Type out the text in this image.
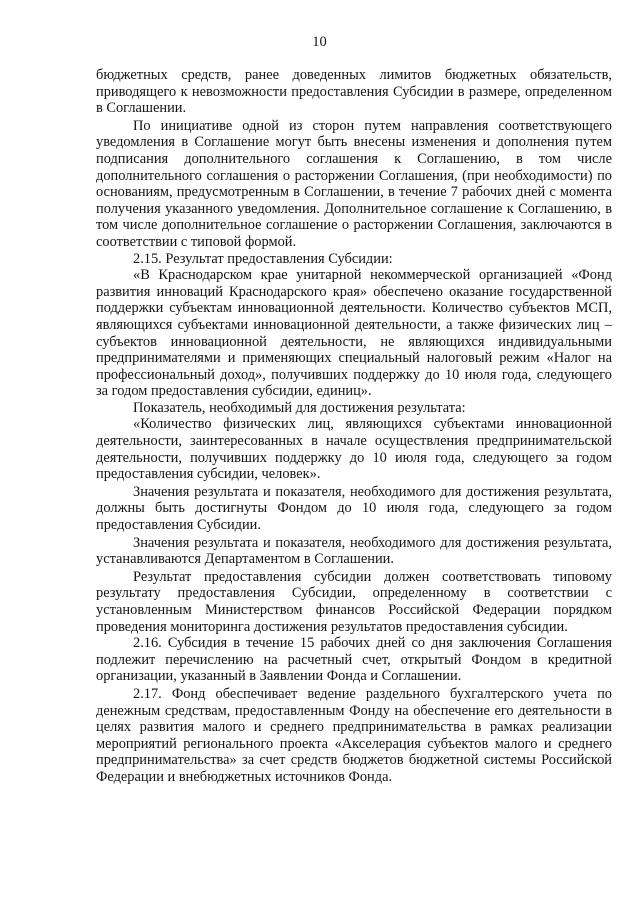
10

бюджетных средств, ранее доведенных лимитов бюджетных обязательств, приводящего к невозможности предоставления Субсидии в размере, определенном в Соглашении.

По инициативе одной из сторон путем направления соответствующего уведомления в Соглашение могут быть внесены изменения и дополнения путем подписания дополнительного соглашения к Соглашению, в том числе дополнительного соглашения о расторжении Соглашения, (при необходимости) по основаниям, предусмотренным в Соглашении, в течение 7 рабочих дней с момента получения указанного уведомления. Дополнительное соглашение к Соглашению, в том числе дополнительное соглашение о расторжении Соглашения, заключаются в соответствии с типовой формой.

2.15. Результат предоставления Субсидии:

«В Краснодарском крае унитарной некоммерческой организацией «Фонд развития инноваций Краснодарского края» обеспечено оказание государственной поддержки субъектам инновационной деятельности. Количество субъектов МСП, являющихся субъектами инновационной деятельности, а также физических лиц – субъектов инновационной деятельности, не являющихся индивидуальными предпринимателями и применяющих специальный налоговый режим «Налог на профессиональный доход», получивших поддержку до 10 июля года, следующего за годом предоставления субсидии, единиц».

Показатель, необходимый для достижения результата:

«Количество физических лиц, являющихся субъектами инновационной деятельности, заинтересованных в начале осуществления предпринимательской деятельности, получивших поддержку до 10 июля года, следующего за годом предоставления субсидии, человек».

Значения результата и показателя, необходимого для достижения результата, должны быть достигнуты Фондом до 10 июля года, следующего за годом предоставления Субсидии.

Значения результата и показателя, необходимого для достижения результата, устанавливаются Департаментом в Соглашении.

Результат предоставления субсидии должен соответствовать типовому результату предоставления Субсидии, определенному в соответствии с установленным Министерством финансов Российской Федерации порядком проведения мониторинга достижения результатов предоставления субсидии.

2.16. Субсидия в течение 15 рабочих дней со дня заключения Соглашения подлежит перечислению на расчетный счет, открытый Фондом в кредитной организации, указанный в Заявлении Фонда и Соглашении.

2.17. Фонд обеспечивает ведение раздельного бухгалтерского учета по денежным средствам, предоставленным Фонду на обеспечение его деятельности в целях развития малого и среднего предпринимательства в рамках реализации мероприятий регионального проекта «Акселерация субъектов малого и среднего предпринимательства» за счет средств бюджетов бюджетной системы Российской Федерации и внебюджетных источников Фонда.
